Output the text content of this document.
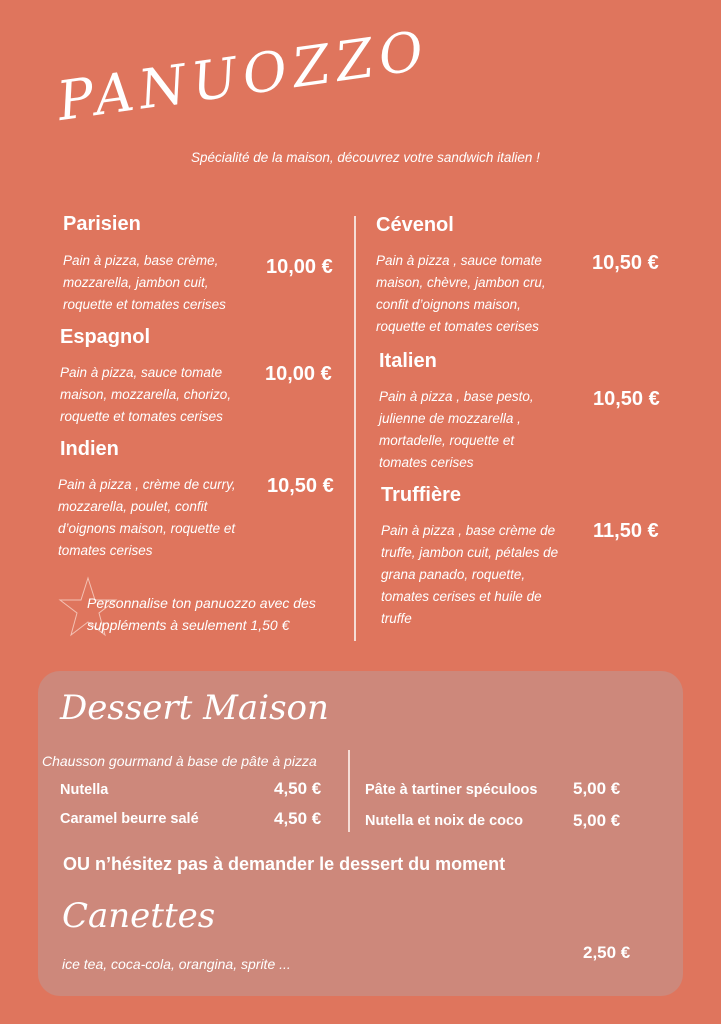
PANUOZZO
Spécialité de la maison, découvrez votre sandwich italien !
Parisien
Pain à pizza, base crème,
mozzarella, jambon cuit,
roquette et tomates cerises
10,00 €
Espagnol
Pain à pizza, sauce tomate
maison, mozzarella, chorizo,
roquette et tomates cerises
10,00 €
Indien
Pain à pizza , crème de curry,
mozzarella, poulet, confit
d’oignons maison, roquette et
tomates cerises
10,50 €
Personnalise ton panuozzo avec des
suppléments à seulement 1,50 €
Cévenol
Pain à pizza , sauce tomate
maison, chèvre, jambon cru,
confit d’oignons maison,
roquette et tomates cerises
10,50 €
Italien
Pain à pizza , base pesto,
julienne de mozzarella ,
mortadelle, roquette et
tomates cerises
10,50 €
Truffière
Pain à pizza , base crème de
truffe, jambon cuit, pétales de
grana panado, roquette,
tomates cerises et huile de
truffe
11,50 €
Dessert Maison
Chausson gourmand à base de pâte à pizza
Nutella	4,50 €
Caramel beurre salé	4,50 €
Pâte à tartiner spéculoos 5,00 €
Nutella et noix de coco	5,00 €
OU n’hésitez pas à demander le dessert du moment
Canettes
ice tea, coca-cola, orangina, sprite ...
2,50 €
